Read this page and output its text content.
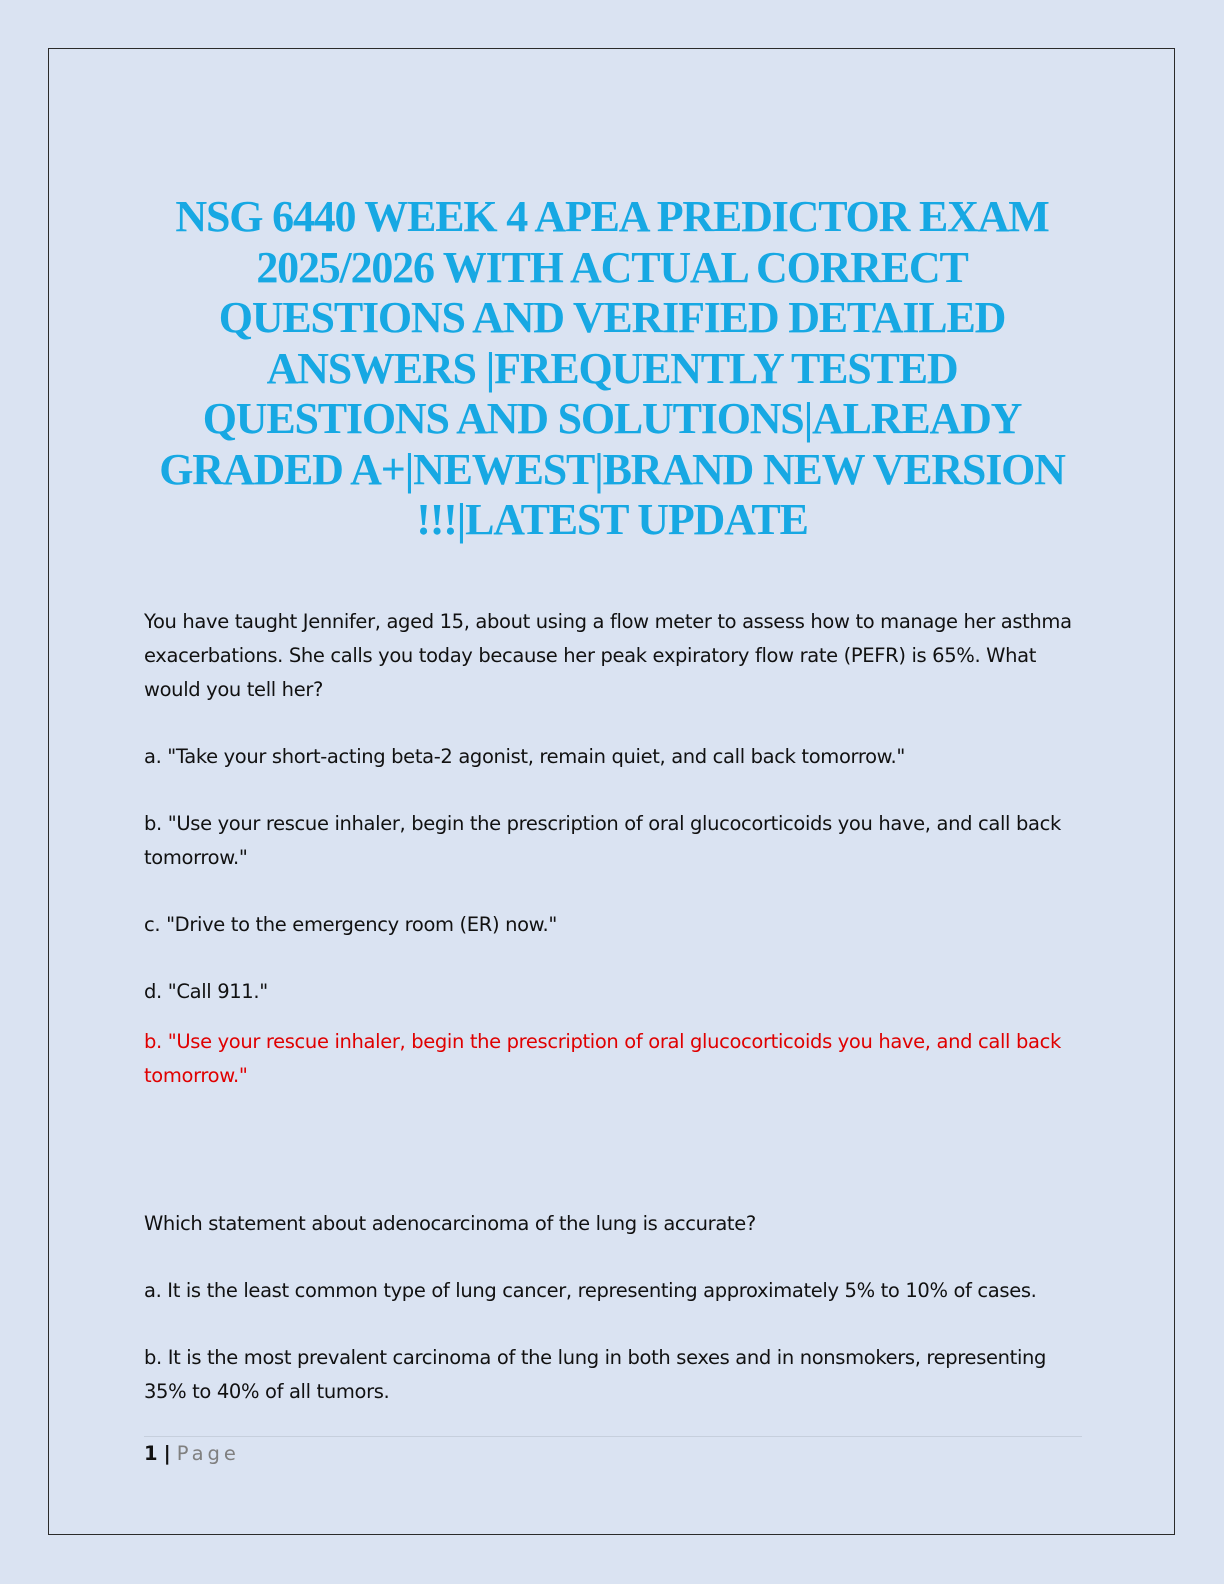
NSG 6440 WEEK 4 APEA PREDICTOR EXAM 2025/2026 WITH ACTUAL CORRECT QUESTIONS AND VERIFIED DETAILED ANSWERS |FREQUENTLY TESTED QUESTIONS AND SOLUTIONS|ALREADY GRADED A+|NEWEST|BRAND NEW VERSION !!!|LATEST UPDATE

You have taught Jennifer, aged 15, about using a flow meter to assess how to manage her asthma exacerbations. She calls you today because her peak expiratory flow rate (PEFR) is 65%. What would you tell her?

a. "Take your short-acting beta-2 agonist, remain quiet, and call back tomorrow."

b. "Use your rescue inhaler, begin the prescription of oral glucocorticoids you have, and call back tomorrow."

c. "Drive to the emergency room (ER) now."

d. "Call 911."

b. "Use your rescue inhaler, begin the prescription of oral glucocorticoids you have, and call back tomorrow."

Which statement about adenocarcinoma of the lung is accurate?

a. It is the least common type of lung cancer, representing approximately 5% to 10% of cases.

b. It is the most prevalent carcinoma of the lung in both sexes and in nonsmokers, representing 35% to 40% of all tumors.

1 | Page
